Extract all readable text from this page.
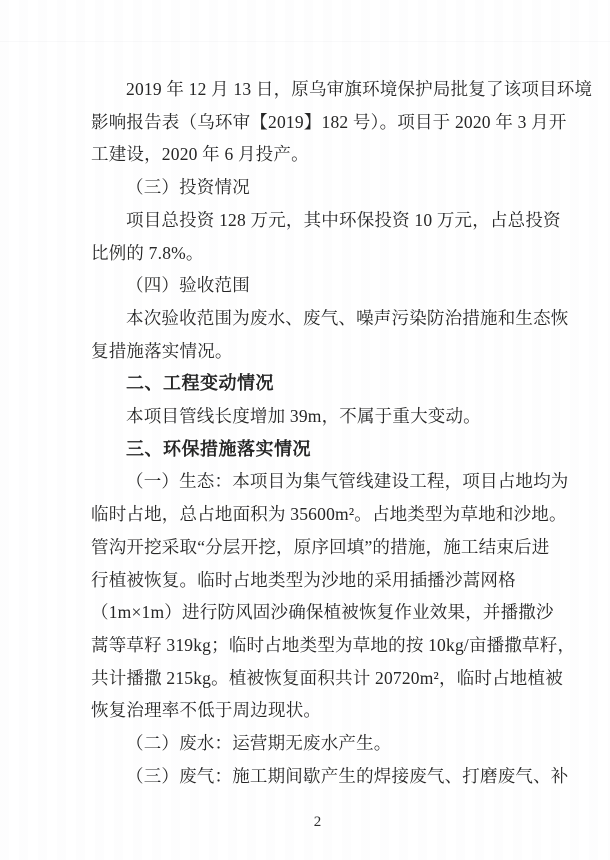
2019 年 12 月 13 日，原乌审旗环境保护局批复了该项目环境
影响报告表（乌环审【2019】182 号）。项目于 2020 年 3 月开
工建设，2020 年 6 月投产。
（三）投资情况
项目总投资 128 万元，其中环保投资 10 万元，占总投资
比例的 7.8%。
（四）验收范围
本次验收范围为废水、废气、噪声污染防治措施和生态恢
复措施落实情况。
二、工程变动情况
本项目管线长度增加 39m，不属于重大变动。
三、环保措施落实情况
（一）生态：本项目为集气管线建设工程，项目占地均为
临时占地，总占地面积为 35600m²。占地类型为草地和沙地。
管沟开挖采取“分层开挖，原序回填”的措施，施工结束后进
行植被恢复。临时占地类型为沙地的采用插播沙蒿网格
（1m×1m）进行防风固沙确保植被恢复作业效果，并播撒沙
蒿等草籽 319kg；临时占地类型为草地的按 10kg/亩播撒草籽，
共计播撒 215kg。植被恢复面积共计 20720m²，临时占地植被
恢复治理率不低于周边现状。
（二）废水：运营期无废水产生。
（三）废气：施工期间歇产生的焊接废气、打磨废气、补
2
